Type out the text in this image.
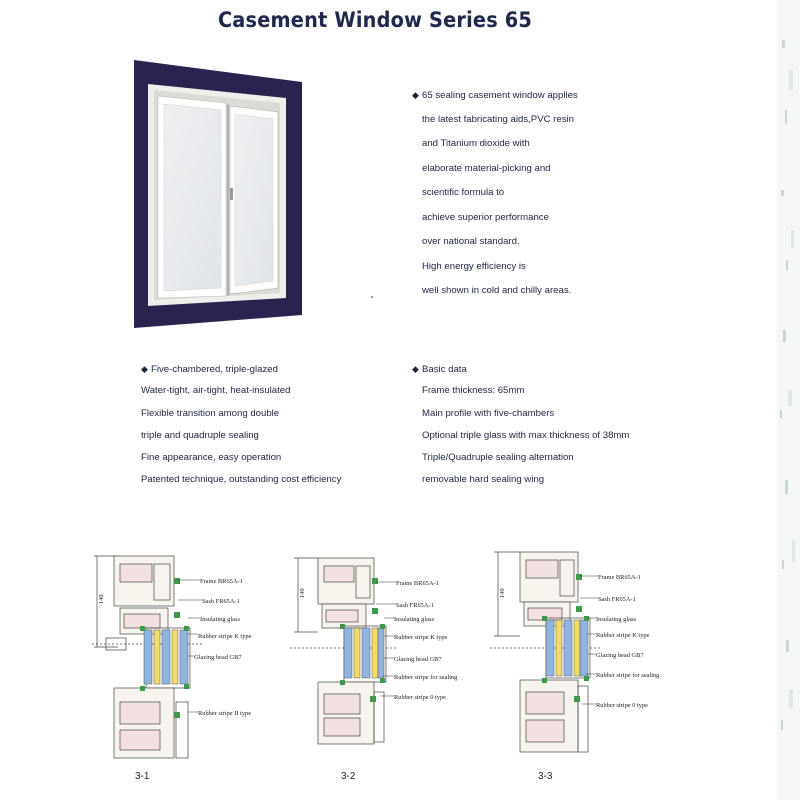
Casement Window Series 65
◆ 65 sealing casement window applies
the latest fabricating aids,PVC resin
and Titanium dioxide with
elaborate material-picking and
scientific formula to
achieve superior performance
over national standard.
High energy efficiency is
well shown in cold and chilly areas.
◆ Five-chambered, triple-glazed
Water-tight, air-tight, heat-insulated
Flexible transition among double
triple and quadruple sealing
Fine appearance, easy operation
Patented technique, outstanding cost efficiency
◆ Basic data
Frame thickness: 65mm
Main profile with five-chambers
Optional triple glass with max thickness of 38mm
Triple/Quadruple sealing alternation
removable hard sealing wing
140
Frame BR65A-1
Sash FR65A-1
Insulating glass
Rubber stripe K type
Glazing bead GB7
Rubber stripe II type
140
Frame BR65A-1
Sash FR65A-1
Insulating glass
Rubber stripe K type
Glazing bead GB7
Rubber stripe for sealing
Rubber stripe 0 type
140
Frame BR65A-1
Sash FR65A-1
Insulating glass
Rubber stripe K type
Glazing bead GB7
Rubber stripe for sealing
Rubber stripe 0 type
3-1	3-2	3-3
